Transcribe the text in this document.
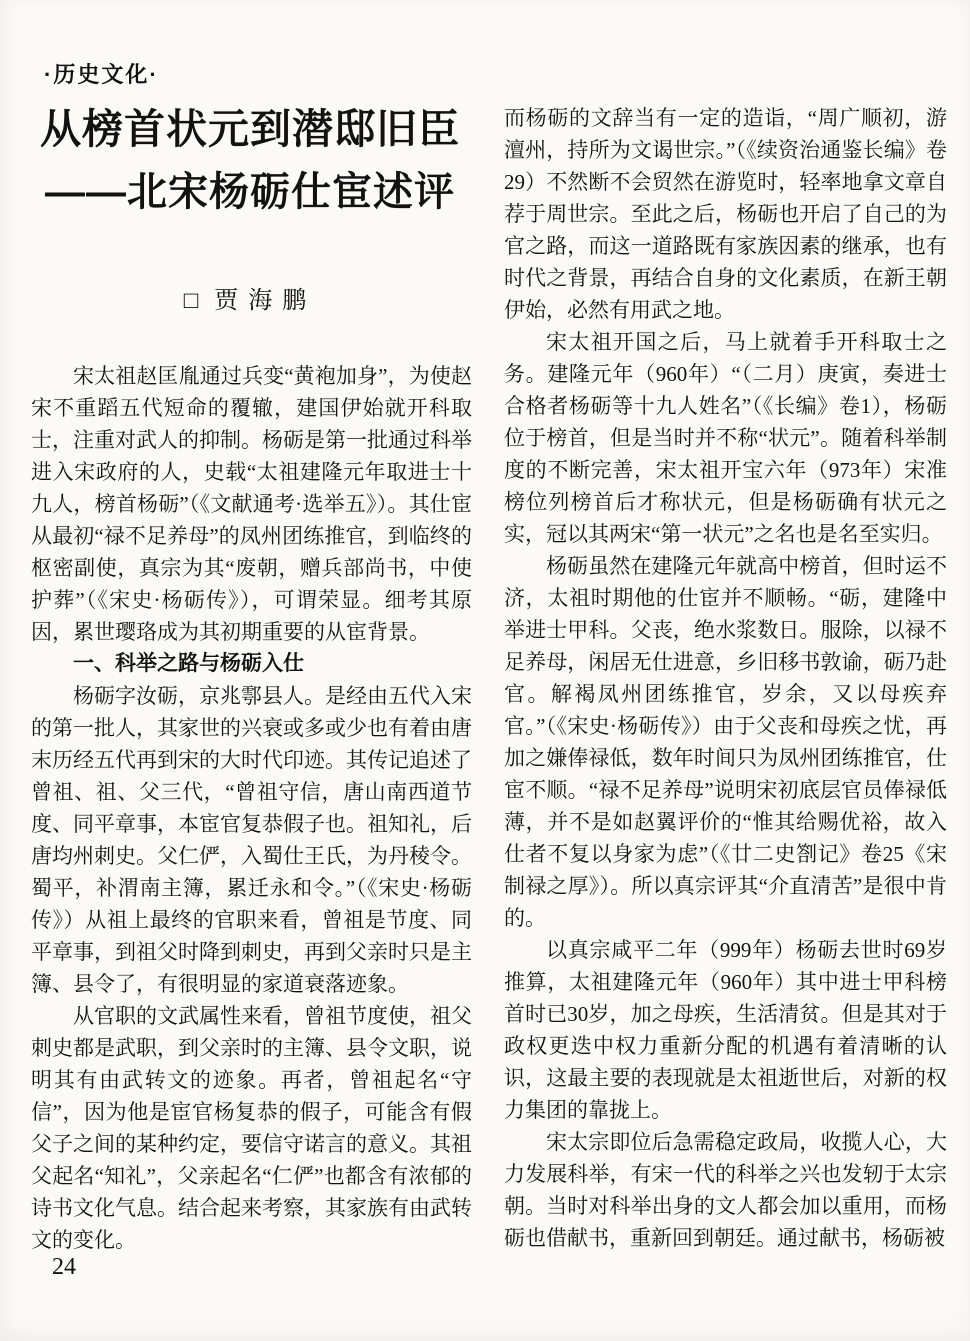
·历史文化·
从榜首状元到潜邸旧臣
——北宋杨砺仕宦述评
□ 贾海鹏

宋太祖赵匡胤通过兵变“黄袍加身”，为使赵宋不重蹈五代短命的覆辙，建国伊始就开科取士，注重对武人的抑制。杨砺是第一批通过科举进入宋政府的人，史载“太祖建隆元年取进士十九人，榜首杨砺”（《文献通考·选举五》）。其仕宦从最初“禄不足养母”的凤州团练推官，到临终的枢密副使，真宗为其“废朝，赠兵部尚书，中使护葬”（《宋史·杨砺传》），可谓荣显。细考其原因，累世璎珞成为其初期重要的从宦背景。

一、科举之路与杨砺入仕

杨砺字汝砺，京兆鄠县人。是经由五代入宋的第一批人，其家世的兴衰或多或少也有着由唐末历经五代再到宋的大时代印迹。其传记追述了曾祖、祖、父三代，“曾祖守信，唐山南西道节度、同平章事，本宦官复恭假子也。祖知礼，后唐均州刺史。父仁俨，入蜀仕王氏，为丹稜令。蜀平，补渭南主簿，累迁永和令。”（《宋史·杨砺传》）从祖上最终的官职来看，曾祖是节度、同平章事，到祖父时降到刺史，再到父亲时只是主簿、县令了，有很明显的家道衰落迹象。

从官职的文武属性来看，曾祖节度使，祖父刺史都是武职，到父亲时的主簿、县令文职，说明其有由武转文的迹象。再者，曾祖起名“守信”，因为他是宦官杨复恭的假子，可能含有假父子之间的某种约定，要信守诺言的意义。其祖父起名“知礼”，父亲起名“仁俨”也都含有浓郁的诗书文化气息。结合起来考察，其家族有由武转文的变化。

而杨砺的文辞当有一定的造诣，“周广顺初，游澶州，持所为文谒世宗。”（《续资治通鉴长编》卷29）不然断不会贸然在游览时，轻率地拿文章自荐于周世宗。至此之后，杨砺也开启了自己的为官之路，而这一道路既有家族因素的继承，也有时代之背景，再结合自身的文化素质，在新王朝伊始，必然有用武之地。

宋太祖开国之后，马上就着手开科取士之务。建隆元年（960年）“（二月）庚寅，奏进士合格者杨砺等十九人姓名”（《长编》卷1），杨砺位于榜首，但是当时并不称“状元”。随着科举制度的不断完善，宋太祖开宝六年（973年）宋准榜位列榜首后才称状元，但是杨砺确有状元之实，冠以其两宋“第一状元”之名也是名至实归。

杨砺虽然在建隆元年就高中榜首，但时运不济，太祖时期他的仕宦并不顺畅。“砺，建隆中举进士甲科。父丧，绝水浆数日。服除，以禄不足养母，闲居无仕进意，乡旧移书敦谕，砺乃赴官。解褐凤州团练推官，岁余，又以母疾弃官。”（《宋史·杨砺传》）由于父丧和母疾之忧，再加之嫌俸禄低，数年时间只为凤州团练推官，仕宦不顺。“禄不足养母”说明宋初底层官员俸禄低薄，并不是如赵翼评价的“惟其给赐优裕，故入仕者不复以身家为虑”（《廿二史劄记》卷25《宋制禄之厚》）。所以真宗评其“介直清苦”是很中肯的。

以真宗咸平二年（999年）杨砺去世时69岁推算，太祖建隆元年（960年）其中进士甲科榜首时已30岁，加之母疾，生活清贫。但是其对于政权更迭中权力重新分配的机遇有着清晰的认识，这最主要的表现就是太祖逝世后，对新的权力集团的靠拢上。

宋太宗即位后急需稳定政局，收揽人心，大力发展科举，有宋一代的科举之兴也发轫于太宗朝。当时对科举出身的文人都会加以重用，而杨砺也借献书，重新回到朝廷。通过献书，杨砺被

24
